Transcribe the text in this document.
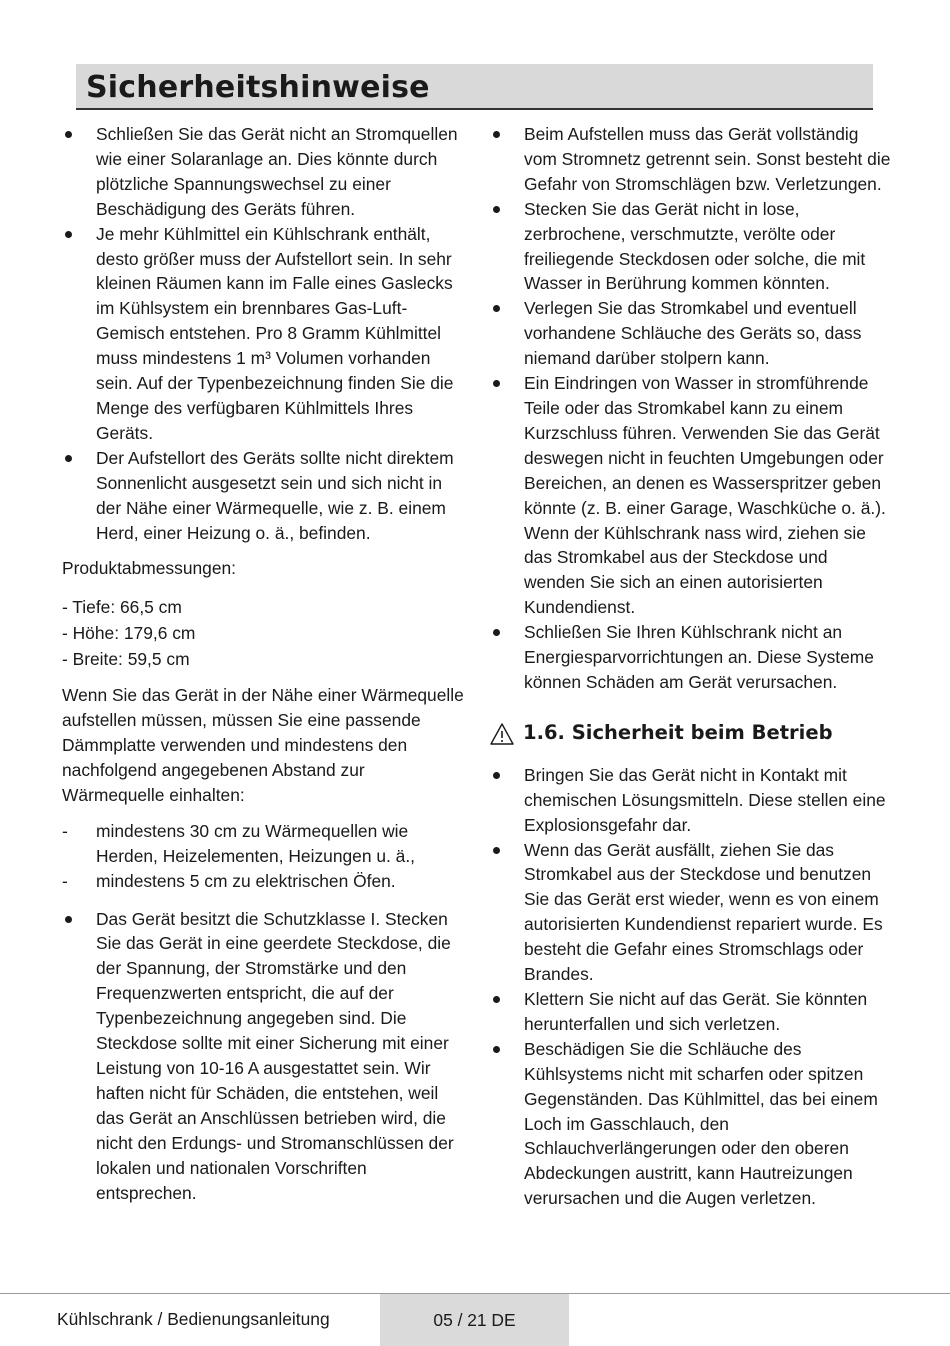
Sicherheitshinweise
Schließen Sie das Gerät nicht an Stromquellen wie einer Solaranlage an. Dies könnte durch plötzliche Spannungswechsel zu einer Beschädigung des Geräts führen.
Je mehr Kühlmittel ein Kühlschrank enthält, desto größer muss der Aufstellort sein. In sehr kleinen Räumen kann im Falle eines Gaslecks im Kühlsystem ein brennbares Gas-Luft-Gemisch entstehen. Pro 8 Gramm Kühlmittel muss mindestens 1 m³ Volumen vorhanden sein. Auf der Typenbezeichnung finden Sie die Menge des verfügbaren Kühlmittels Ihres Geräts.
Der Aufstellort des Geräts sollte nicht direktem Sonnenlicht ausgesetzt sein und sich nicht in der Nähe einer Wärmequelle, wie z. B. einem Herd, einer Heizung o. ä., befinden.

Produktabmessungen:

- Tiefe: 66,5 cm
- Höhe: 179,6 cm
- Breite: 59,5 cm

Wenn Sie das Gerät in der Nähe einer Wärmequelle aufstellen müssen, müssen Sie eine passende Dämmplatte verwenden und mindestens den nachfolgend angegebenen Abstand zur Wärmequelle einhalten:

- mindestens 30 cm zu Wärmequellen wie Herden, Heizelementen, Heizungen u. ä.,
- mindestens 5 cm zu elektrischen Öfen.
Das Gerät besitzt die Schutzklasse I. Stecken Sie das Gerät in eine geerdete Steckdose, die der Spannung, der Stromstärke und den Frequenzwerten entspricht, die auf der Typenbezeichnung angegeben sind. Die Steckdose sollte mit einer Sicherung mit einer Leistung von 10-16 A ausgestattet sein. Wir haften nicht für Schäden, die entstehen, weil das Gerät an Anschlüssen betrieben wird, die nicht den Erdungs- und Stromanschlüssen der lokalen und nationalen Vorschriften entsprechen.
Beim Aufstellen muss das Gerät vollständig vom Stromnetz getrennt sein. Sonst besteht die Gefahr von Stromschlägen bzw. Verletzungen.
Stecken Sie das Gerät nicht in lose, zerbrochene, verschmutzte, verölte oder freiliegende Steckdosen oder solche, die mit Wasser in Berührung kommen könnten.
Verlegen Sie das Stromkabel und eventuell vorhandene Schläuche des Geräts so, dass niemand darüber stolpern kann.
Ein Eindringen von Wasser in stromführende Teile oder das Stromkabel kann zu einem Kurzschluss führen. Verwenden Sie das Gerät deswegen nicht in feuchten Umgebungen oder Bereichen, an denen es Wasserspritzer geben könnte (z. B. einer Garage, Waschküche o. ä.). Wenn der Kühlschrank nass wird, ziehen sie das Stromkabel aus der Steckdose und wenden Sie sich an einen autorisierten Kundendienst.
Schließen Sie Ihren Kühlschrank nicht an Energiesparvorrichtungen an. Diese Systeme können Schäden am Gerät verursachen.
1.6. Sicherheit beim Betrieb
Bringen Sie das Gerät nicht in Kontakt mit chemischen Lösungsmitteln. Diese stellen eine Explosionsgefahr dar.
Wenn das Gerät ausfällt, ziehen Sie das Stromkabel aus der Steckdose und benutzen Sie das Gerät erst wieder, wenn es von einem autorisierten Kundendienst repariert wurde. Es besteht die Gefahr eines Stromschlags oder Brandes.
Klettern Sie nicht auf das Gerät. Sie könnten herunterfallen und sich verletzen.
Beschädigen Sie die Schläuche des Kühlsystems nicht mit scharfen oder spitzen Gegenständen. Das Kühlmittel, das bei einem Loch im Gasschlauch, den Schlauchverlängerungen oder den oberen Abdeckungen austritt, kann Hautreizungen verursachen und die Augen verletzen.
Kühlschrank / Bedienungsanleitung	05 / 21 DE
